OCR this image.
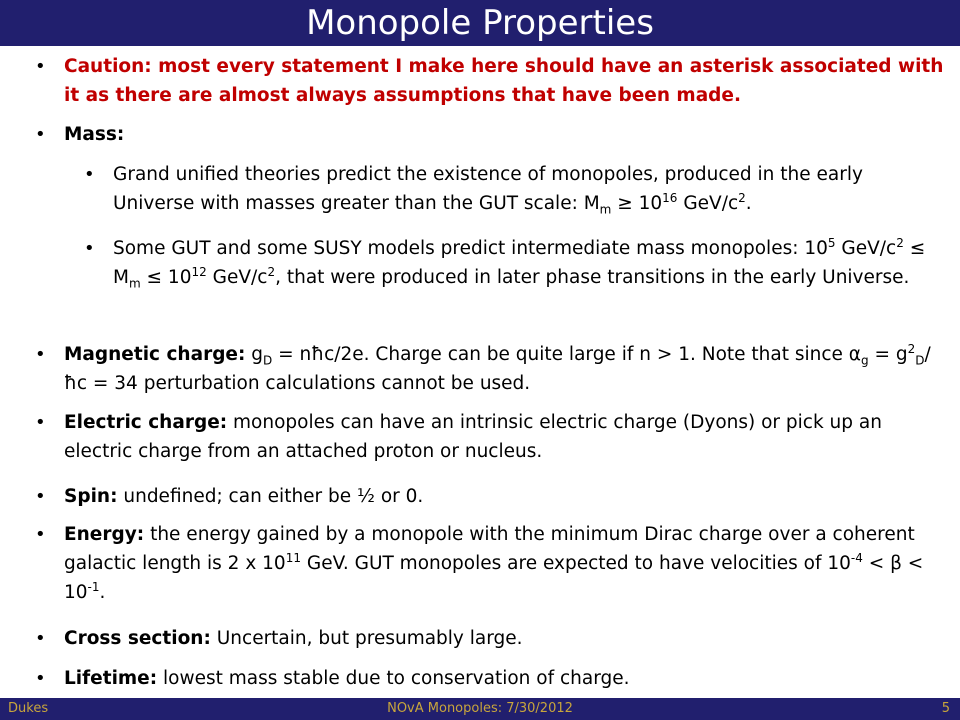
Monopole Properties
• Caution: most every statement I make here should have an asterisk associated with it as there are almost always assumptions that have been made.
• Mass:
• Grand unified theories predict the existence of monopoles, produced in the early Universe with masses greater than the GUT scale: $M_m \ge 10^{16}$ GeV/$c^2$.
• Some GUT and some SUSY models predict intermediate mass monopoles: $10^5$ GeV/$c^2 \le M_m \le 10^{12}$ GeV/$c^2$, that were produced in later phase transitions in the early Universe.
• Magnetic charge: $g_D$ = nħc/2e. Charge can be quite large if n > 1. Note that since $\alpha_g$ = $g^2_D/ħc = 34$ perturbation calculations cannot be used.
• Electric charge: monopoles can have an intrinsic electric charge (Dyons) or pick up an electric charge from an attached proton or nucleus.
• Spin: undefined; can either be ½ or 0.
• Energy: the energy gained by a monopole with the minimum Dirac charge over a coherent galactic length is 2 x $10^{11}$ GeV. GUT monopoles are expected to have velocities of $10^{-4} < \beta < 10^{-1}$.
• Cross section: Uncertain, but presumably large.
• Lifetime: lowest mass stable due to conservation of charge.
Dukes	NOvA Monopoles: 7/30/2012	5
